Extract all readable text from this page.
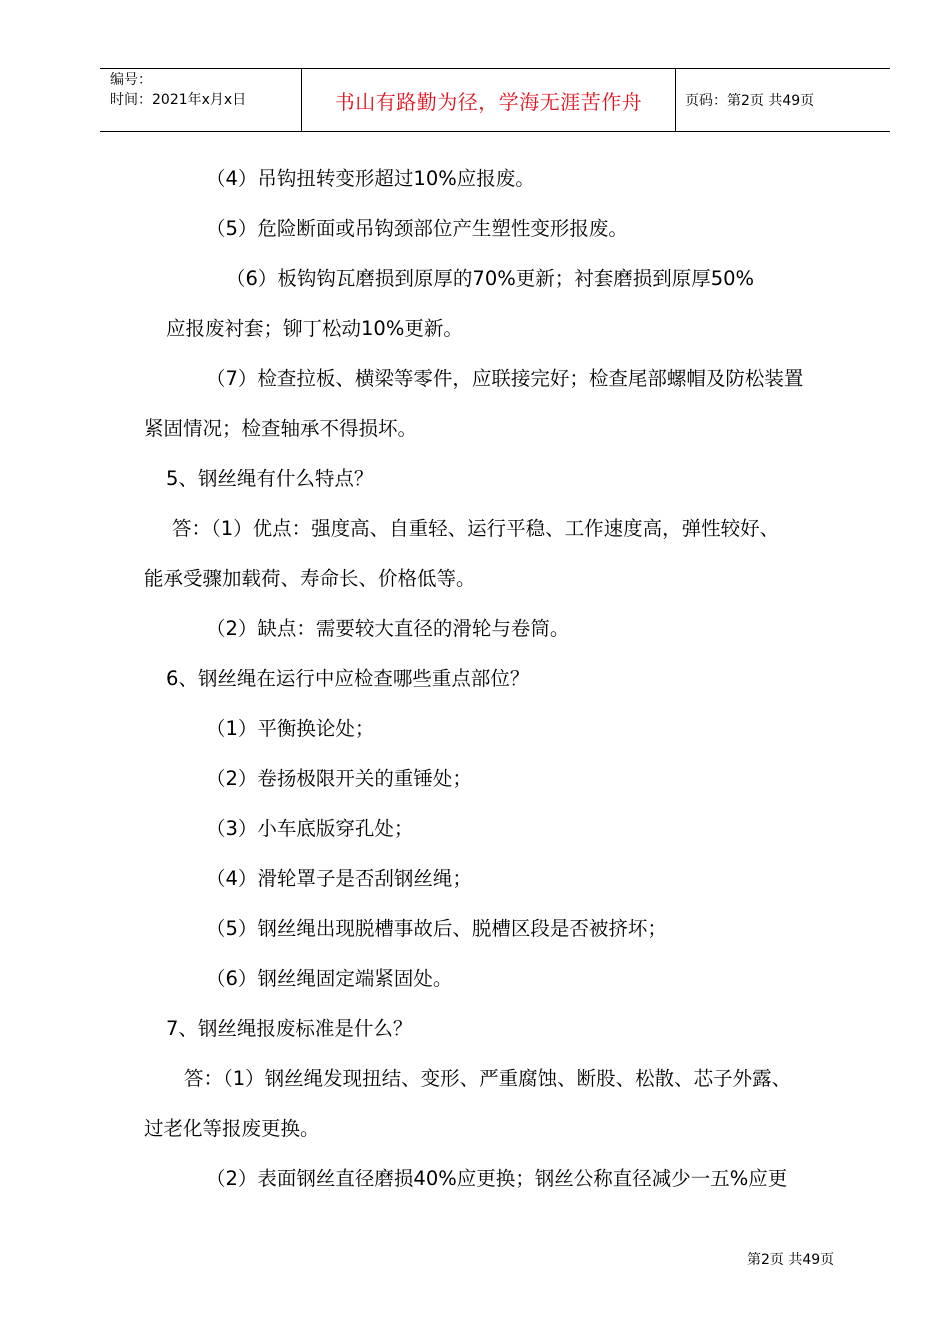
编号：
时间：2021年x月x日	书山有路勤为径，学海无涯苦作舟	页码：第2页 共49页
（4）吊钩扭转变形超过10%应报废。
（5）危险断面或吊钩颈部位产生塑性变形报废。
（6）板钩钩瓦磨损到原厚的70%更新；衬套磨损到原厚50%
应报废衬套；铆丁松动10%更新。
（7）检查拉板、横梁等零件，应联接完好；检查尾部螺帽及防松装置
紧固情况；检查轴承不得损坏。
5、钢丝绳有什么特点？
答：（1）优点：强度高、自重轻、运行平稳、工作速度高，弹性较好、
能承受骤加载荷、寿命长、价格低等。
（2）缺点：需要较大直径的滑轮与卷筒。
6、钢丝绳在运行中应检查哪些重点部位？
（1）平衡换论处；
（2）卷扬极限开关的重锤处；
（3）小车底版穿孔处；
（4）滑轮罩子是否刮钢丝绳；
（5）钢丝绳出现脱槽事故后、脱槽区段是否被挤坏；
（6）钢丝绳固定端紧固处。
7、钢丝绳报废标准是什么？
答：（1）钢丝绳发现扭结、变形、严重腐蚀、断股、松散、芯子外露、
过老化等报废更换。
（2）表面钢丝直径磨损40%应更换；钢丝公称直径减少一五%应更
第2页 共49页
